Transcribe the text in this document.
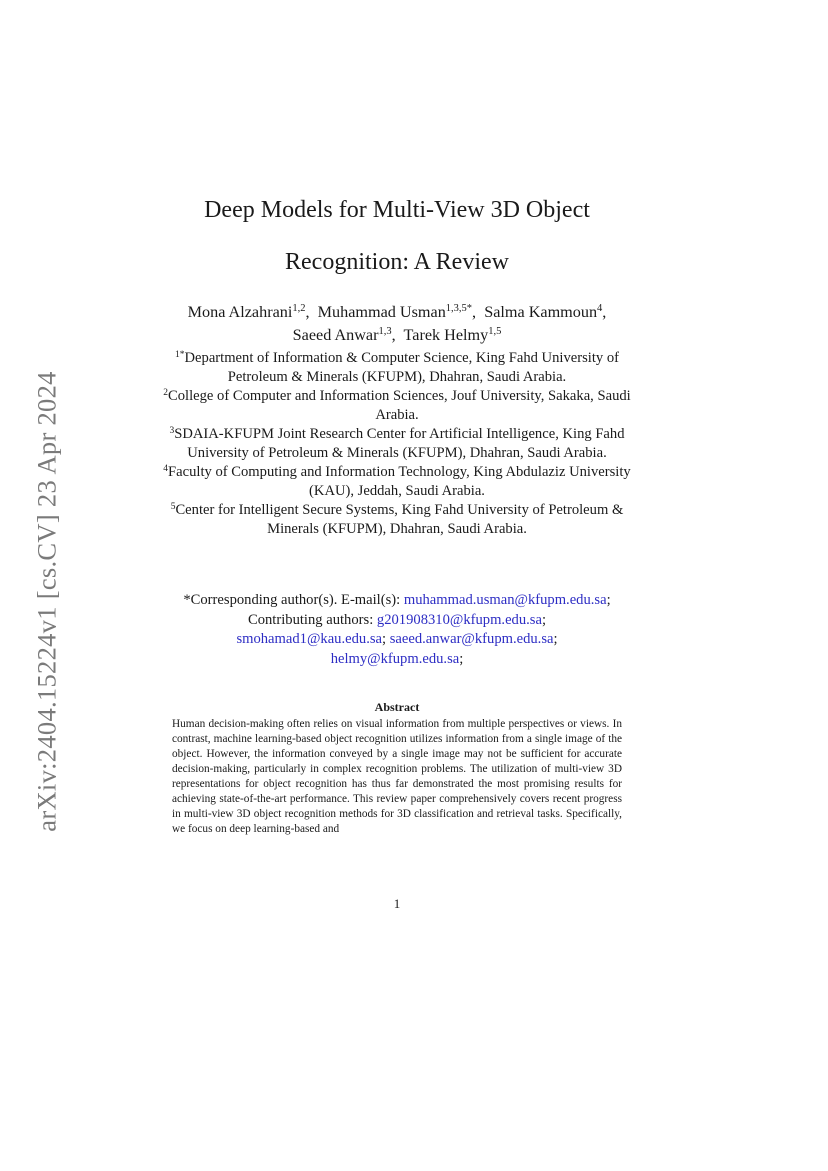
arXiv:2404.15224v1 [cs.CV] 23 Apr 2024
Deep Models for Multi-View 3D Object
Recognition: A Review
Mona Alzahrani$^{1,2}$,  Muhammad Usman$^{1,3,5*}$,  Salma Kammoun$^4$,
Saeed Anwar$^{1,3}$,  Tarek Helmy$^{1,5}$

$^{1*}$Department of Information & Computer Science, King Fahd University of Petroleum & Minerals (KFUPM), Dhahran, Saudi Arabia.

$^2$College of Computer and Information Sciences, Jouf University, Sakaka, Saudi Arabia.

$^3$SDAIA-KFUPM Joint Research Center for Artificial Intelligence, King Fahd University of Petroleum & Minerals (KFUPM), Dhahran, Saudi Arabia.

$^4$Faculty of Computing and Information Technology, King Abdulaziz University (KAU), Jeddah, Saudi Arabia.

$^5$Center for Intelligent Secure Systems, King Fahd University of Petroleum & Minerals (KFUPM), Dhahran, Saudi Arabia.

*Corresponding author(s). E-mail(s): muhammad.usman@kfupm.edu.sa;
Contributing authors: g201908310@kfupm.edu.sa;
smohamad1@kau.edu.sa; saeed.anwar@kfupm.edu.sa;
helmy@kfupm.edu.sa;
Abstract
Human decision-making often relies on visual information from multiple perspectives or views. In contrast, machine learning-based object recognition utilizes information from a single image of the object. However, the information conveyed by a single image may not be sufficient for accurate decision-making, particularly in complex recognition problems. The utilization of multi-view 3D representations for object recognition has thus far demonstrated the most promising results for achieving state-of-the-art performance. This review paper comprehensively covers recent progress in multi-view 3D object recognition methods for 3D classification and retrieval tasks. Specifically, we focus on deep learning-based and
1
